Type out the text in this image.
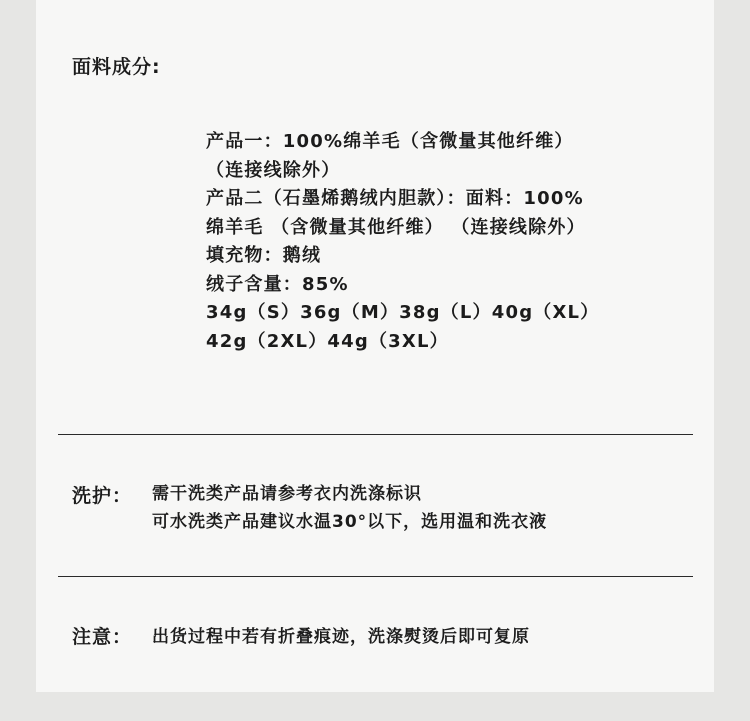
面料成分:
产品一：100%绵羊毛（含微量其他纤维）
（连接线除外）
产品二（石墨烯鹅绒内胆款）：面料：100%
绵羊毛 （含微量其他纤维） （连接线除外）
填充物：鹅绒
绒子含量：85%
34g（S）36g（M）38g（L）40g（XL）
42g（2XL）44g（3XL）
洗护： 需干洗类产品请参考衣内洗涤标识
可水洗类产品建议水温30°以下，选用温和洗衣液
注意： 出货过程中若有折叠痕迹，洗涤熨烫后即可复原
